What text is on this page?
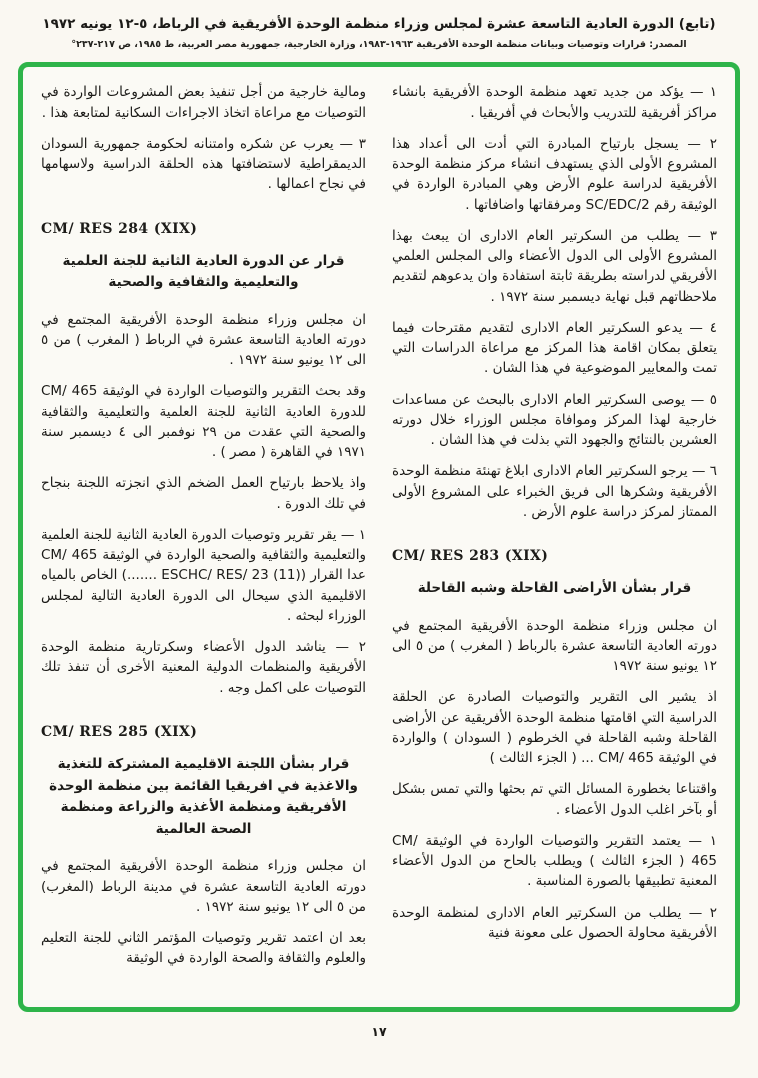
(تابع) الدورة العادية التاسعة عشرة لمجلس وزراء منظمة الوحدة الأفريقية في الرباط، ٥-١٢ يونيه ١٩٧٢
المصدر: قرارات وتوصيات وبيانات منظمة الوحدة الأفريقية ١٩٦٣-١٩٨٣، وزارة الخارجية، جمهورية مصر العربية، ط ١٩٨٥، ص ٢١٧-٢٣٧°
١ — يؤكد من جديد تعهد منظمة الوحدة الأفريقية بانشاء مراكز أفريقية للتدريب والأبحاث في أفريقيا .
٢ — يسجل بارتياح المبادرة التي أدت الى أعداد هذا المشروع الأولى الذي يستهدف انشاء مركز منظمة الوحدة الأفريقية لدراسة علوم الأرض وهي المبادرة الواردة في الوثيقة رقم SC/EDC/2 ومرفقاتها واضافاتها .
٣ — يطلب من السكرتير العام الادارى ان يبعث بهذا المشروع الأولى الى الدول الأعضاء والى المجلس العلمي الأفريقي لدراسته بطريقة ثابتة استفادة وان يدعوهم لتقديم ملاحظاتهم قبل نهاية ديسمبر سنة ١٩٧٢ .
٤ — يدعو السكرتير العام الادارى لتقديم مقترحات فيما يتعلق بمكان اقامة هذا المركز مع مراعاة الدراسات التي تمت والمعايير الموضوعية في هذا الشان .
٥ — يوصى السكرتير العام الادارى بالبحث عن مساعدات خارجية لهذا المركز وموافاة مجلس الوزراء خلال دورته العشرين بالنتائج والجهود التي بذلت في هذا الشان .
٦ — يرجو السكرتير العام الادارى ابلاغ تهنئة منظمة الوحدة الأفريقية وشكرها الى فريق الخبراء على المشروع الأولى الممتاز لمركز دراسة علوم الأرض .
CM/ RES 283 (XIX)
قرار بشأن الأراضى القاحلة وشبه القاحلة
ان مجلس وزراء منظمة الوحدة الأفريقية المجتمع في دورته العادية التاسعة عشرة بالرباط ( المغرب ) من ٥ الى ١٢ يونيو سنة ١٩٧٢
اذ يشير الى التقرير والتوصيات الصادرة عن الحلقة الدراسية التي اقامتها منظمة الوحدة الأفريقية عن الأراضى القاحلة وشبه القاحلة في الخرطوم ( السودان ) والواردة في الوثيقة CM/ 465 ... ( الجزء الثالث )
واقتناعا بخطورة المسائل التي تم بحثها والتي تمس بشكل أو بآخر اغلب الدول الأعضاء .
١ — يعتمد التقرير والتوصيات الواردة في الوثيقة CM/ 465 ( الجزء الثالث ) ويطلب بالحاح من الدول الأعضاء المعنية تطبيقها بالصورة المناسبة .
٢ — يطلب من السكرتير العام الادارى لمنظمة الوحدة الأفريقية محاولة الحصول على معونة فنية
ومالية خارجية من أجل تنفيذ بعض المشروعات الواردة في التوصيات مع مراعاة اتخاذ الاجراءات السكانية لمتابعة هذا .
٣ — يعرب عن شكره وامتنانه لحكومة جمهورية السودان الديمقراطية لاستضافتها هذه الحلقة الدراسية ولاسهامها في نجاح اعمالها .
CM/ RES 284 (XIX)
قرار عن الدورة العادية الثانية للجنة العلمية والتعليمية والثقافية والصحية
ان مجلس وزراء منظمة الوحدة الأفريقية المجتمع في دورته العادية التاسعة عشرة في الرباط ( المغرب ) من ٥ الى ١٢ يونيو سنة ١٩٧٢ .
وقد بحث التقرير والتوصيات الواردة في الوثيقة CM/ 465 للدورة العادية الثانية للجنة العلمية والتعليمية والثقافية والصحية التي عقدت من ٢٩ نوفمبر الى ٤ ديسمبر سنة ١٩٧١ في القاهرة ( مصر ) .
واذ يلاحظ بارتياح العمل الضخم الذي انجزته اللجنة بنجاح في تلك الدورة .
١ — يقر تقرير وتوصيات الدورة العادية الثانية للجنة العلمية والتعليمية والثقافية والصحية الواردة في الوثيقة CM/ 465 عدا القرار (ESCHC/ RES/ 23 (11) .......) الخاص بالمياه الاقليمية الذي سيحال الى الدورة العادية التالية لمجلس الوزراء لبحثه .
٢ — يناشد الدول الأعضاء وسكرتارية منظمة الوحدة الأفريقية والمنظمات الدولية المعنية الأخرى أن تنفذ تلك التوصيات على اكمل وجه .
CM/ RES 285 (XIX)
قرار بشأن اللجنة الاقليمية المشتركة للتغذية والاغذية في افريقيا القائمة بين منظمة الوحدة الأفريقية ومنظمة الأغذية والزراعة ومنظمة الصحة العالمية
ان مجلس وزراء منظمة الوحدة الأفريقية المجتمع في دورته العادية التاسعة عشرة في مدينة الرباط (المغرب) من ٥ الى ١٢ يونيو سنة ١٩٧٢ .
بعد ان اعتمد تقرير وتوصيات المؤتمر الثاني للجنة التعليم والعلوم والثقافة والصحة الواردة في الوثيقة
١٧
